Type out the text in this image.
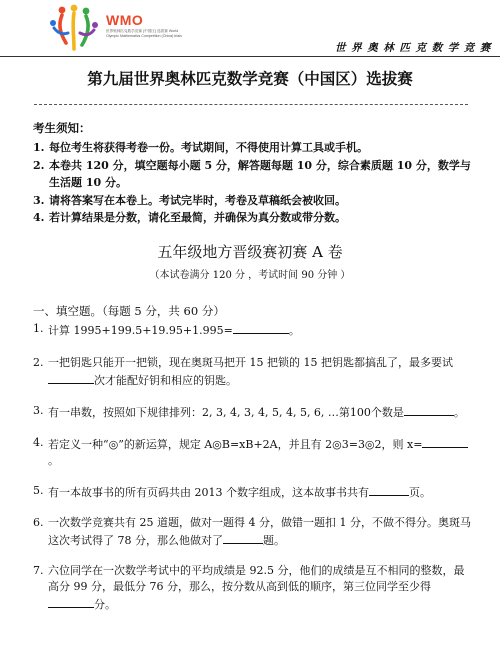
WMO
世界奥林匹克数学竞赛 (中国区) 选拔赛 World Olympic Mathematics Competition (China) trials
世界奥林匹克数学竞赛
第九届世界奥林匹克数学竞赛（中国区）选拔赛
考生须知：
1. 每位考生将获得考卷一份。考试期间，不得使用计算工具或手机。
2. 本卷共 120 分，填空题每小题 5 分，解答题每题 10 分，综合素质题 10 分，数学与生活题 10 分。
3. 请将答案写在本卷上。考试完毕时，考卷及草稿纸会被收回。
4. 若计算结果是分数，请化至最简，并确保为真分数或带分数。
五年级地方晋级赛初赛 A 卷
（本试卷满分 120 分 ，考试时间 90 分钟 ）
一、填空题。（每题 5 分，共 60 分）
1. 计算 1995+199.5+19.95+1.995=	。
2. 一把钥匙只能开一把锁，现在奥斑马把开 15 把锁的 15 把钥匙都搞乱了，最多要试次才能配好钥和相应的钥匙。
3. 有一串数，按照如下规律排列：2, 3, 4, 3, 4, 5, 4, 5, 6, …第100个数是	。
4. 若定义一种“◎”的新运算，规定 A◎B=xB+2A，并且有 2◎3=3◎2，则 x=。
5. 有一本故事书的所有页码共由 2013 个数字组成，这本故事书共有	页。
6. 一次数学竞赛共有 25 道题，做对一题得 4 分，做错一题扣 1 分，不做不得分。奥斑马这次考试得了 78 分，那么他做对了	题。
7. 六位同学在一次数学考试中的平均成绩是 92.5 分，他们的成绩是互不相同的整数，最高分 99 分，最低分 76 分，那么，按分数从高到低的顺序，第三位同学至少得分。
